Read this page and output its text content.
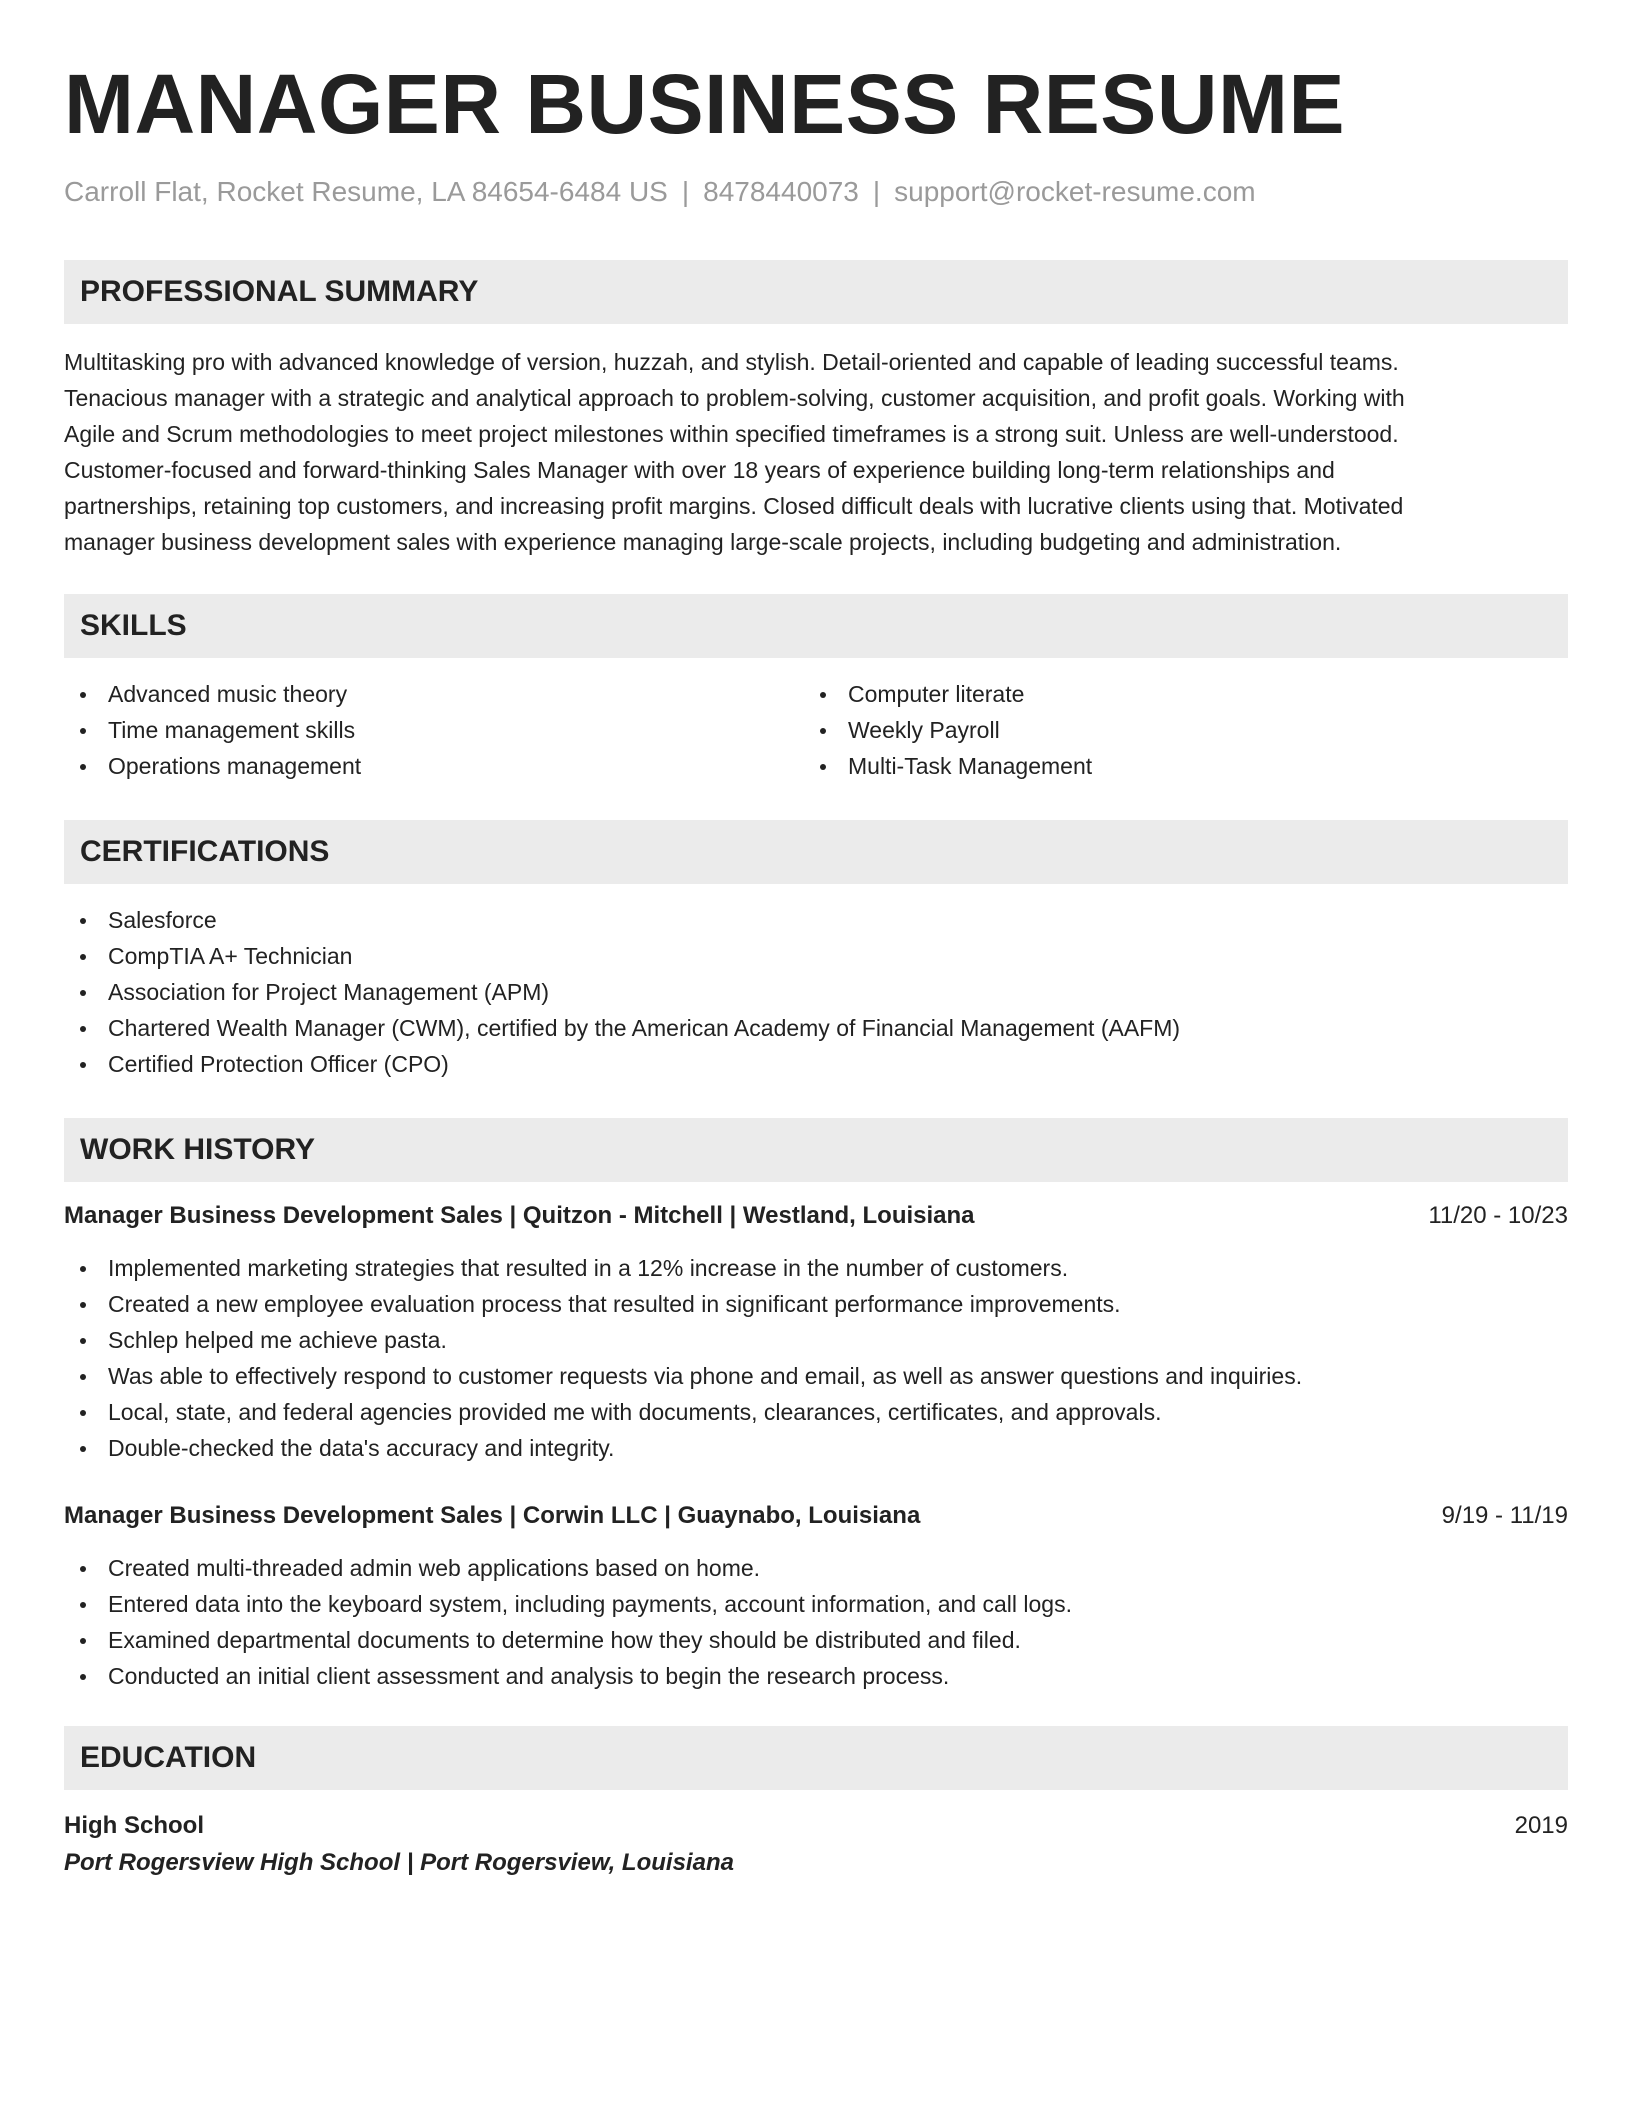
MANAGER BUSINESS RESUME
Carroll Flat, Rocket Resume, LA 84654-6484 US | 8478440073 | support@rocket-resume.com
PROFESSIONAL SUMMARY
Multitasking pro with advanced knowledge of version, huzzah, and stylish. Detail-oriented and capable of leading successful teams.
Tenacious manager with a strategic and analytical approach to problem-solving, customer acquisition, and profit goals. Working with
Agile and Scrum methodologies to meet project milestones within specified timeframes is a strong suit. Unless are well-understood.
Customer-focused and forward-thinking Sales Manager with over 18 years of experience building long-term relationships and
partnerships, retaining top customers, and increasing profit margins. Closed difficult deals with lucrative clients using that. Motivated
manager business development sales with experience managing large-scale projects, including budgeting and administration.
SKILLS
Advanced music theory
Time management skills
Operations management
Computer literate
Weekly Payroll
Multi-Task Management
CERTIFICATIONS
Salesforce
CompTIA A+ Technician
Association for Project Management (APM)
Chartered Wealth Manager (CWM), certified by the American Academy of Financial Management (AAFM)
Certified Protection Officer (CPO)
WORK HISTORY
Manager Business Development Sales | Quitzon - Mitchell | Westland, Louisiana	11/20 - 10/23
Implemented marketing strategies that resulted in a 12% increase in the number of customers.
Created a new employee evaluation process that resulted in significant performance improvements.
Schlep helped me achieve pasta.
Was able to effectively respond to customer requests via phone and email, as well as answer questions and inquiries.
Local, state, and federal agencies provided me with documents, clearances, certificates, and approvals.
Double-checked the data's accuracy and integrity.
Manager Business Development Sales | Corwin LLC | Guaynabo, Louisiana	9/19 - 11/19
Created multi-threaded admin web applications based on home.
Entered data into the keyboard system, including payments, account information, and call logs.
Examined departmental documents to determine how they should be distributed and filed.
Conducted an initial client assessment and analysis to begin the research process.
EDUCATION
High School	2019
Port Rogersview High School | Port Rogersview, Louisiana
